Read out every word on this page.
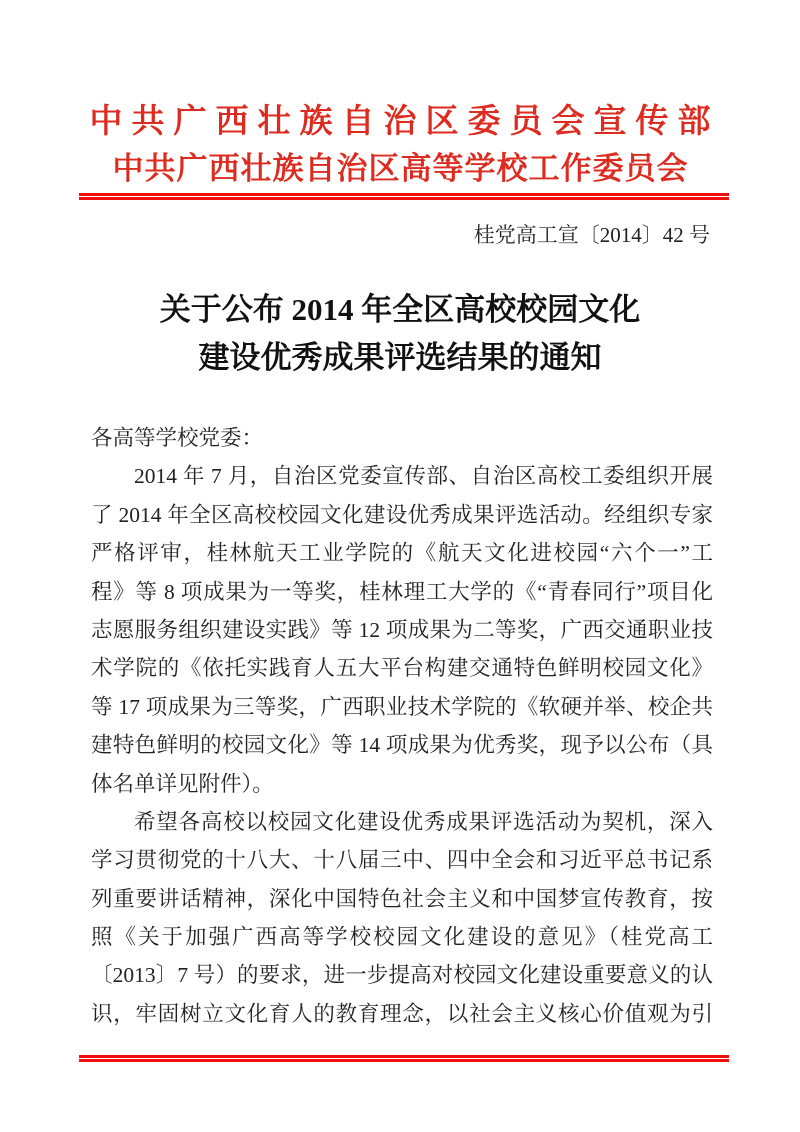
中共广西壮族自治区委员会宣传部
中共广西壮族自治区高等学校工作委员会
桂党高工宣〔2014〕42 号
关于公布 2014 年全区高校校园文化
建设优秀成果评选结果的通知
各高等学校党委：
2014 年 7 月，自治区党委宣传部、自治区高校工委组织开展
了 2014 年全区高校校园文化建设优秀成果评选活动。经组织专家
严格评审，桂林航天工业学院的《航天文化进校园“六个一”工
程》等 8 项成果为一等奖，桂林理工大学的《“青春同行”项目化
志愿服务组织建设实践》等 12 项成果为二等奖，广西交通职业技
术学院的《依托实践育人五大平台构建交通特色鲜明校园文化》
等 17 项成果为三等奖，广西职业技术学院的《软硬并举、校企共
建特色鲜明的校园文化》等 14 项成果为优秀奖，现予以公布（具
体名单详见附件）。
希望各高校以校园文化建设优秀成果评选活动为契机，深入
学习贯彻党的十八大、十八届三中、四中全会和习近平总书记系
列重要讲话精神，深化中国特色社会主义和中国梦宣传教育，按
照《关于加强广西高等学校校园文化建设的意见》（桂党高工
〔2013〕7 号）的要求，进一步提高对校园文化建设重要意义的认
识，牢固树立文化育人的教育理念，以社会主义核心价值观为引
